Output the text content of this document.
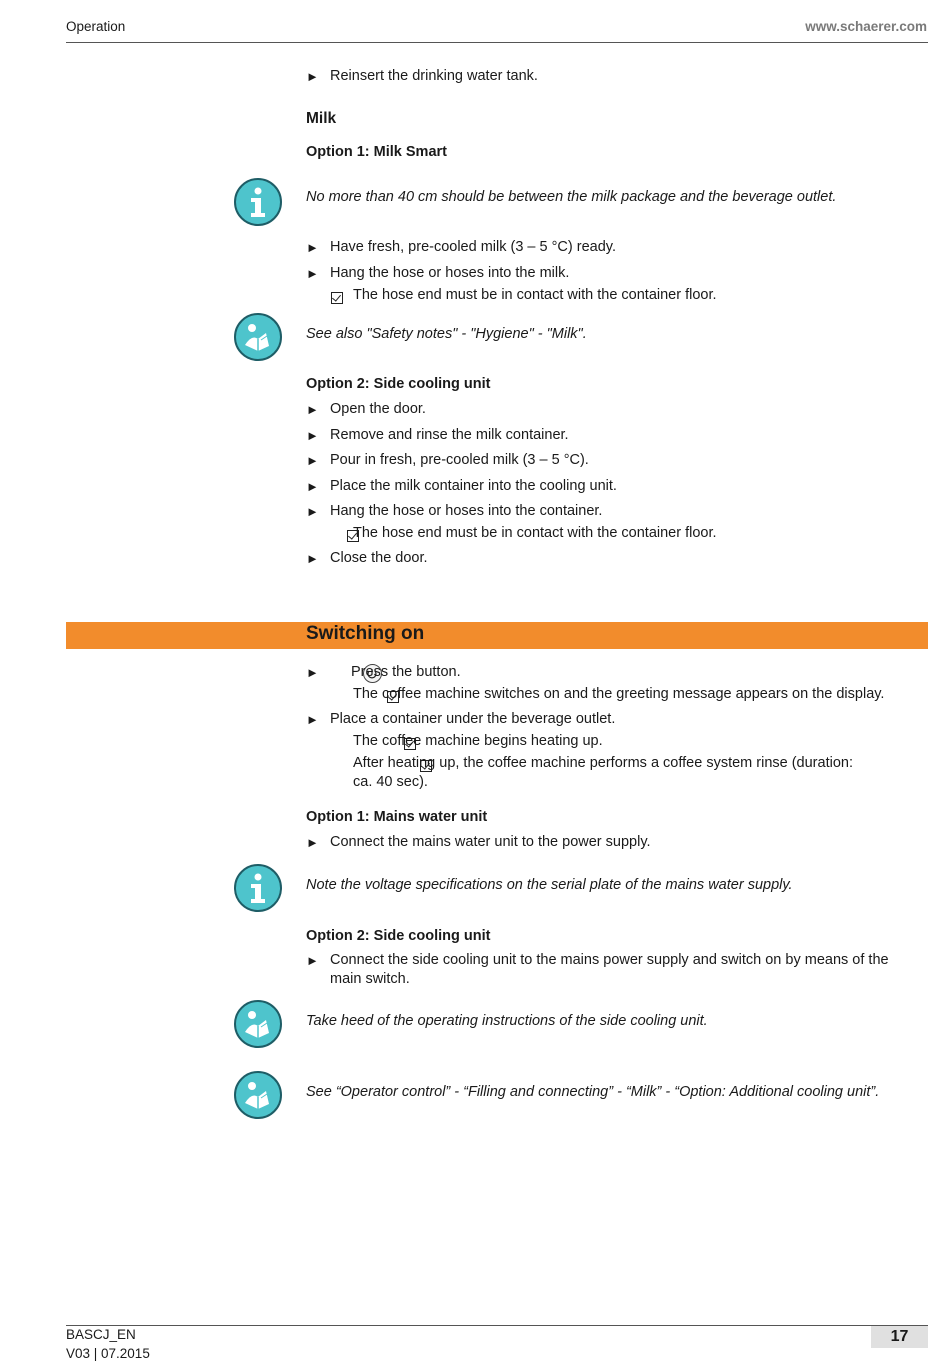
Operation	www.schaerer.com
► Reinsert the drinking water tank.
Milk
Option 1: Milk Smart
No more than 40 cm should be between the milk package and the beverage outlet.
► Have fresh, pre-cooled milk (3 – 5 °C) ready.
► Hang the hose or hoses into the milk.

The hose end must be in contact with the container floor.
See also "Safety notes" - "Hygiene" - "Milk".
Option 2: Side cooling unit
► Open the door.
► Remove and rinse the milk container.
► Pour in fresh, pre-cooled milk (3 – 5 °C).
► Place the milk container into the cooling unit.
► Hang the hose or hoses into the container.

The hose end must be in contact with the container floor.
► Close the door.
Switching on
►
Press the button.

The coffee machine switches on and the greeting message appears on the display.
► Place a container under the beverage outlet.

The coffee machine begins heating up.
After heating up, the coffee machine performs a coffee system rinse (duration:
ca. 40 sec).
Option 1: Mains water unit
► Connect the mains water unit to the power supply.
Note the voltage specifications on the serial plate of the mains water supply.
Option 2: Side cooling unit
► Connect the side cooling unit to the mains power supply and switch on by means of the
main switch.
Take heed of the operating instructions of the side cooling unit.
See “Operator control” - “Filling and connecting” - “Milk” - “Option: Additional cooling unit”.
BASCJ_EN
V03 | 07.2015
17
